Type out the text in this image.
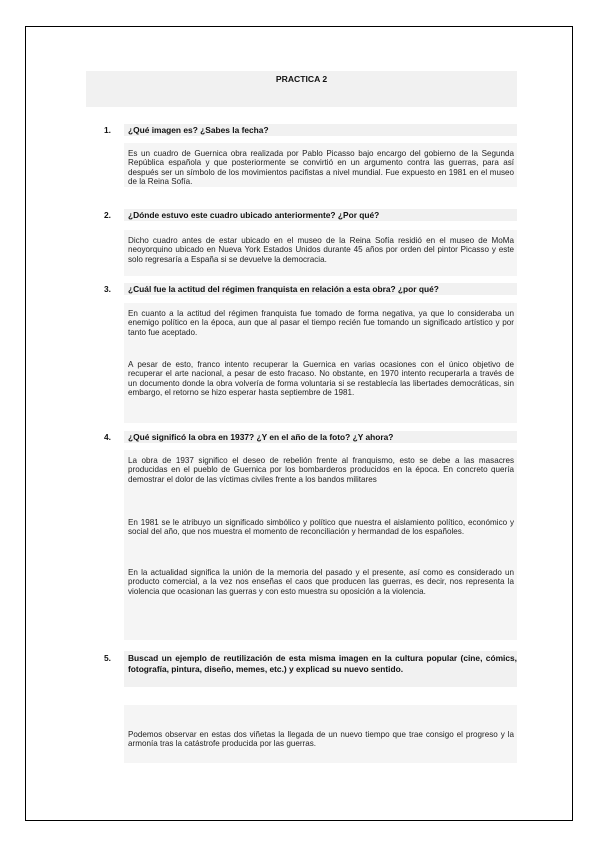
PRACTICA 2
1. ¿Qué imagen es? ¿Sabes la fecha?

Es un cuadro de Guernica obra realizada por Pablo Picasso bajo encargo del gobierno de la Segunda República española y que posteriormente se convirtió en un argumento contra las guerras, para así después ser un símbolo de los movimientos pacifistas a nivel mundial. Fue expuesto en 1981 en el museo de la Reina Sofía.

2. ¿Dónde estuvo este cuadro ubicado anteriormente? ¿Por qué?

Dicho cuadro antes de estar ubicado en el museo de la Reina Sofía residió en el museo de MoMa neoyorquino ubicado en Nueva York Estados Unidos durante 45 años por orden del pintor Picasso y este solo regresaría a España si se devuelve la democracia.

3. ¿Cuál fue la actitud del régimen franquista en relación a esta obra? ¿por qué?

En cuanto a la actitud del régimen franquista fue tomado de forma negativa, ya que lo consideraba un enemigo político en la época, aun que al pasar el tiempo recién fue tomando un significado artístico y por tanto fue aceptado.

A pesar de esto, franco intento recuperar la Guernica en varias ocasiones con el único objetivo de recuperar el arte nacional, a pesar de esto fracaso. No obstante, en 1970 intento recuperarla a través de un documento donde la obra volvería de forma voluntaria si se restablecía las libertades democráticas, sin embargo, el retorno se hizo esperar hasta septiembre de 1981.

4. ¿Qué significó la obra en 1937? ¿Y en el año de la foto? ¿Y ahora?

La obra de 1937 significo el deseo de rebelión frente al franquismo, esto se debe a las masacres producidas en el pueblo de Guernica por los bombarderos producidos en la época. En concreto quería demostrar el dolor de las víctimas civiles frente a los bandos militares

En 1981 se le atribuyo un significado simbólico y político que nuestra el aislamiento político, económico y social del año, que nos muestra el momento de reconciliación y hermandad de los españoles.

En la actualidad significa la unión de la memoria del pasado y el presente, así como es considerado un producto comercial, a la vez nos enseñas el caos que producen las guerras, es decir, nos representa la violencia que ocasionan las guerras y con esto muestra su oposición a la violencia.

5. Buscad un ejemplo de reutilización de esta misma imagen en la cultura popular (cine, cómics, fotografía, pintura, diseño, memes, etc.) y explicad su nuevo sentido.

Podemos observar en estas dos viñetas la llegada de un nuevo tiempo que trae consigo el progreso y la armonía tras la catástrofe producida por las guerras.
